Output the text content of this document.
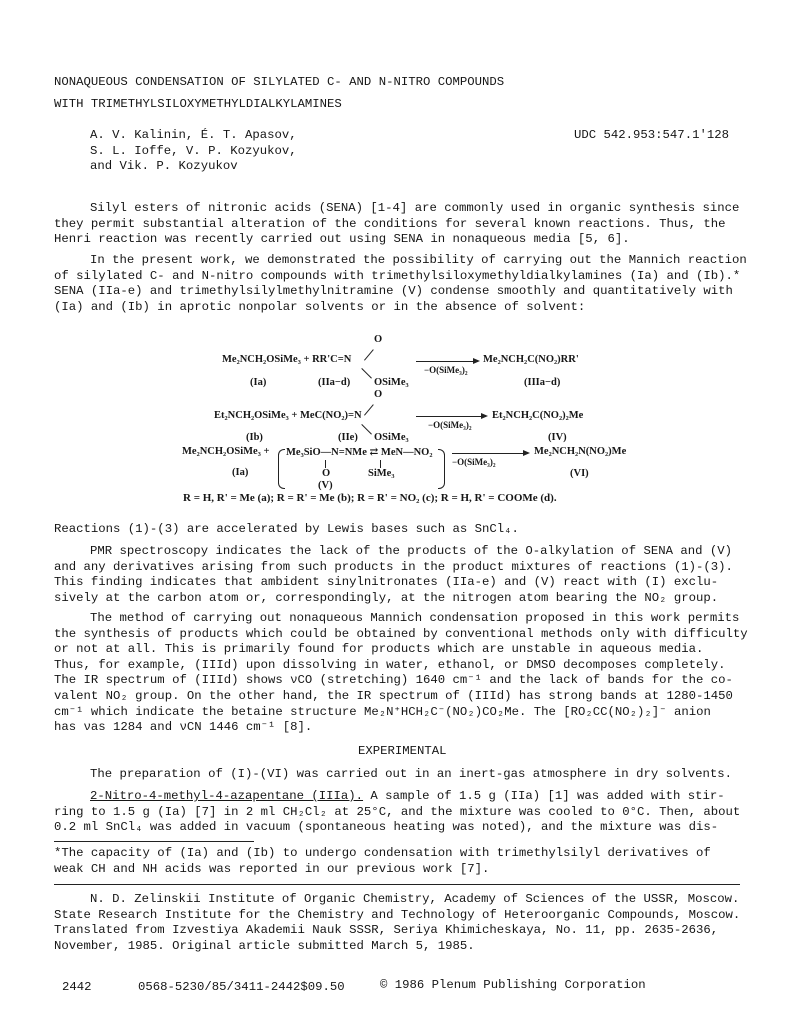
NONAQUEOUS CONDENSATION OF SILYLATED C- AND N-NITRO COMPOUNDS
WITH TRIMETHYLSILOXYMETHYLDIALKYLAMINES
A. V. Kalinin, É. T. Apasov,
S. L. Ioffe, V. P. Kozyukov,
and Vik. P. Kozyukov
UDC 542.953:547.1'128
Silyl esters of nitronic acids (SENA) [1-4] are commonly used in organic synthesis since
they permit substantial alteration of the conditions for several known reactions. Thus, the
Henri reaction was recently carried out using SENA in nonaqueous media [5, 6].
In the present work, we demonstrated the possibility of carrying out the Mannich reaction
of silylated C- and N-nitro compounds with trimethylsiloxymethyldialkylamines (Ia) and (Ib).*
SENA (IIa-e) and trimethylsilylmethylnitramine (V) condense smoothly and quantitatively with
(Ia) and (Ib) in aprotic nonpolar solvents or in the absence of solvent:
O
Me₂NCH₂OSiMe₃ + RR'C=N	Me₂NCH₂C(NO₂)RR'
−O(SiMe₃)₂
(Ia)	(IIa−d) OSiMe₃	(IIIa−d)
O
Et₂NCH₂OSiMe₃ + MeC(NO₂)=N	Et₂NCH₂C(NO₂)₂Me
−O(SiMe₃)₂
(Ib)	(IIe) OSiMe₃	(IV)
Me₂NCH₂OSiMe₃ + Me₃SiO—N=NMe ⇄ MeN—NO₂
−O(SiMe₃)₂
Me₂NCH₂N(NO₂)Me
(Ia)	O	SiMe₃	(VI)
(V)
R = H, R' = Me (a); R = R' = Me (b); R = R' = NO₂ (c); R = H, R' = COOMe (d).
Reactions (1)-(3) are accelerated by Lewis bases such as SnCl₄.
PMR spectroscopy indicates the lack of the products of the O-alkylation of SENA and (V)
and any derivatives arising from such products in the product mixtures of reactions (1)-(3).
This finding indicates that ambident sinylnitronates (IIa-e) and (V) react with (I) exclu-
sively at the carbon atom or, correspondingly, at the nitrogen atom bearing the NO₂ group.
The method of carrying out nonaqueous Mannich condensation proposed in this work permits
the synthesis of products which could be obtained by conventional methods only with difficulty
or not at all. This is primarily found for products which are unstable in aqueous media.
Thus, for example, (IIId) upon dissolving in water, ethanol, or DMSO decomposes completely.
The IR spectrum of (IIId) shows νCO (stretching) 1640 cm⁻¹ and the lack of bands for the co-
valent NO₂ group. On the other hand, the IR spectrum of (IIId) has strong bands at 1280-1450
cm⁻¹ which indicate the betaine structure Me₂N⁺HCH₂C⁻(NO₂)CO₂Me. The [RO₂CC(NO₂)₂]⁻ anion
has νas 1284 and νCN 1446 cm⁻¹ [8].
EXPERIMENTAL
The preparation of (I)-(VI) was carried out in an inert-gas atmosphere in dry solvents.
2-Nitro-4-methyl-4-azapentane (IIIa). A sample of 1.5 g (IIa) [1] was added with stir-
ring to 1.5 g (Ia) [7] in 2 ml CH₂Cl₂ at 25°C, and the mixture was cooled to 0°C. Then, about
0.2 ml SnCl₄ was added in vacuum (spontaneous heating was noted), and the mixture was dis-
*The capacity of (Ia) and (Ib) to undergo condensation with trimethylsilyl derivatives of
weak CH and NH acids was reported in our previous work [7].
N. D. Zelinskii Institute of Organic Chemistry, Academy of Sciences of the USSR, Moscow.
State Research Institute for the Chemistry and Technology of Heteroorganic Compounds, Moscow.
Translated from Izvestiya Akademii Nauk SSSR, Seriya Khimicheskaya, No. 11, pp. 2635-2636,
November, 1985. Original article submitted March 5, 1985.
2442	0568-5230/85/3411-2442$09.50	© 1986 Plenum Publishing Corporation
